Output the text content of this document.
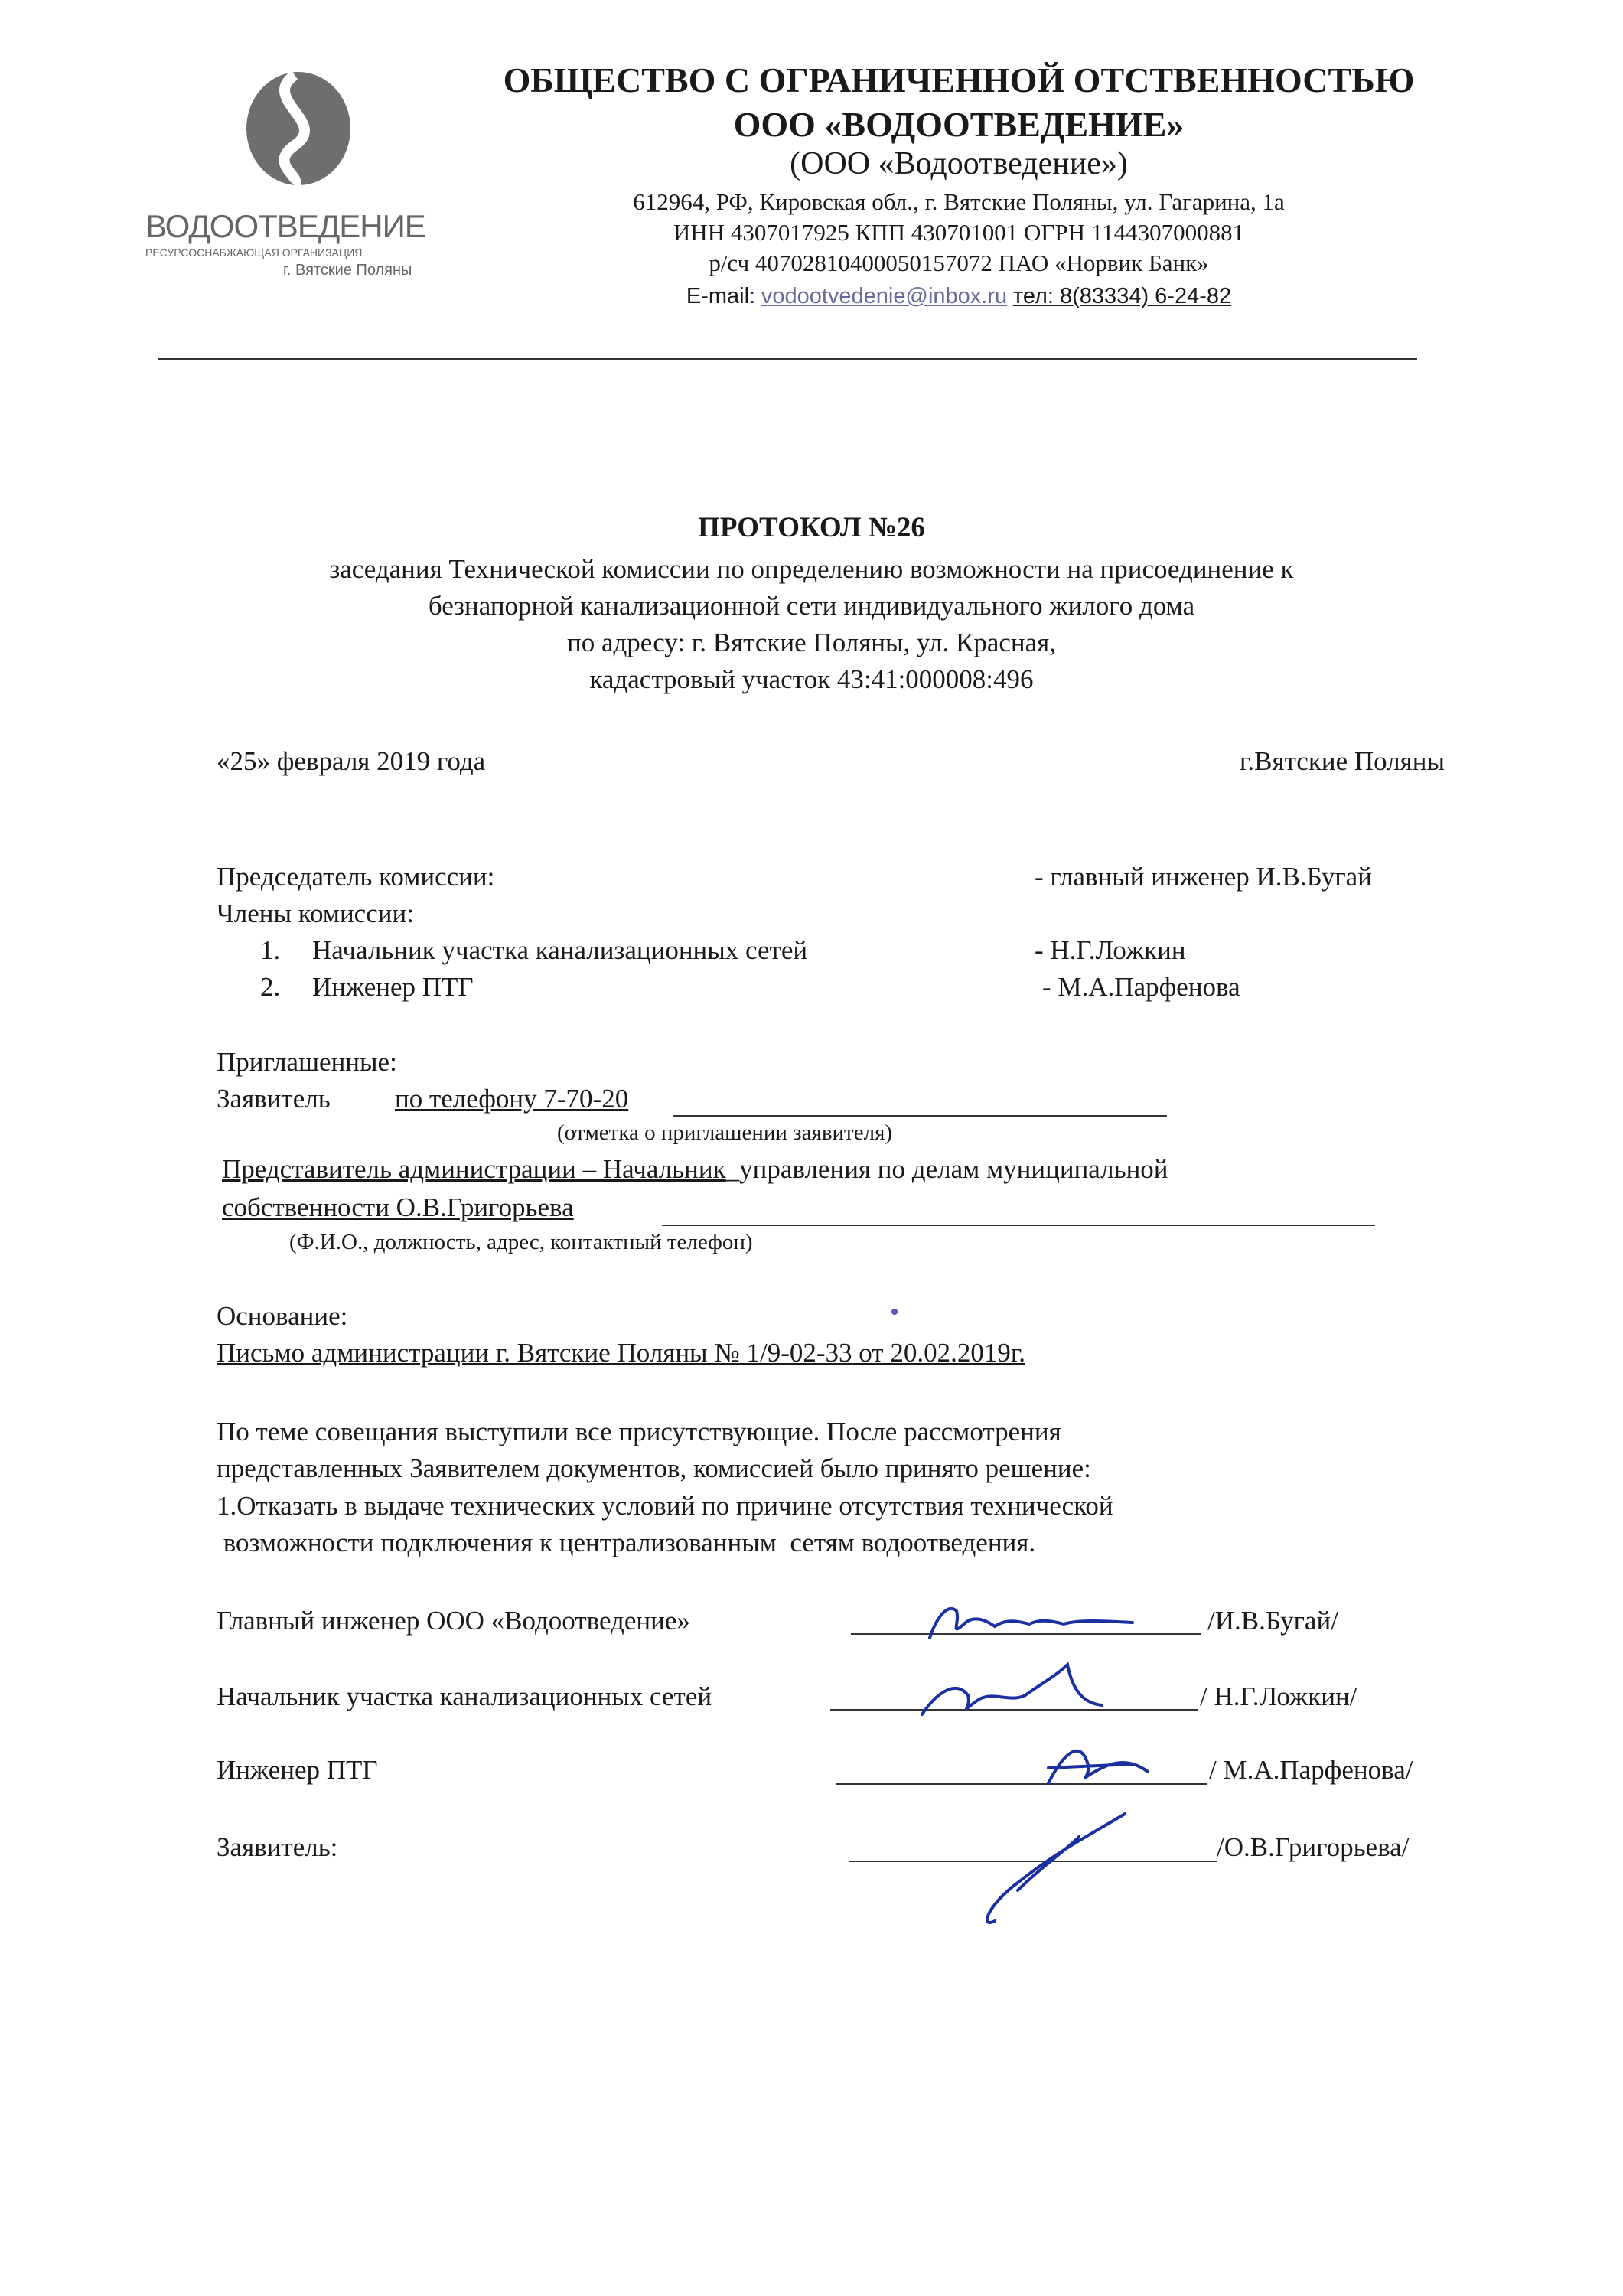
ВОДООТВЕДЕНИЕ
РЕСУРСОСНАБЖАЮЩАЯ ОРГАНИЗАЦИЯ
г. Вятские Поляны
ОБЩЕСТВО С ОГРАНИЧЕННОЙ ОТСТВЕННОСТЬЮ
ООО «ВОДООТВЕДЕНИЕ»
(ООО «Водоотведение»)
612964, РФ, Кировская обл., г. Вятские Поляны, ул. Гагарина, 1а
ИНН 4307017925 КПП 430701001 ОГРН 1144307000881
р/сч 40702810400050157072 ПАО «Норвик Банк»
E-mail: vodootvedenie@inbox.ru тел: 8(83334) 6-24-82
ПРОТОКОЛ №26
заседания Технической комиссии по определению возможности на присоединение к
безнапорной канализационной сети индивидуального жилого дома
по адресу: г. Вятские Поляны, ул. Красная,
кадастровый участок 43:41:000008:496
«25» февраля 2019 года	г.Вятские Поляны
Председатель комиссии:	- главный инженер И.В.Бугай
Члены комиссии:
1. Начальник участка канализационных сетей	- Н.Г.Ложкин
2. Инженер ПТГ	- М.А.Парфенова
Приглашенные:
Заявитель по телефону 7-70-20
(отметка о приглашении заявителя)
Представитель администрации – Начальник_управления по делам муниципальной
собственности О.В.Григорьева
(Ф.И.О., должность, адрес, контактный телефон)
Основание:
Письмо администрации г. Вятские Поляны № 1/9-02-33 от 20.02.2019г.
По теме совещания выступили все присутствующие. После рассмотрения
представленных Заявителем документов, комиссией было принято решение:
1.Отказать в выдаче технических условий по причине отсутствия технической
возможности подключения к централизованным  сетям водоотведения.
Главный инженер ООО «Водоотведение»	/И.В.Бугай/
Начальник участка канализационных сетей	/ Н.Г.Ложкин/
Инженер ПТГ	/ М.А.Парфенова/
Заявитель:	/О.В.Григорьева/
